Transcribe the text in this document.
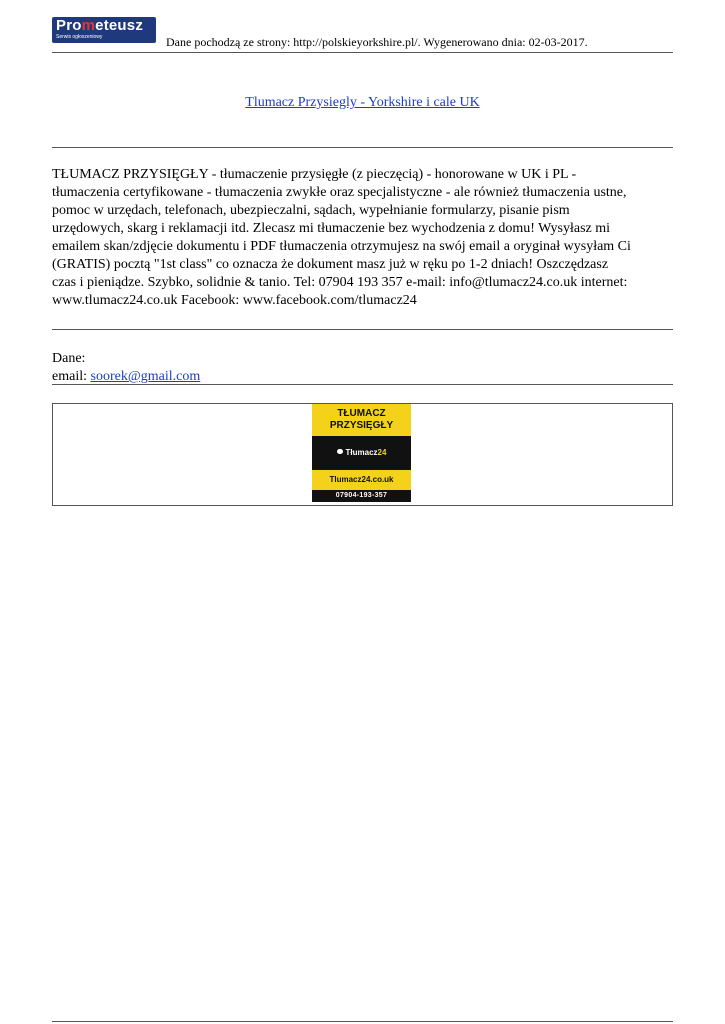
Prometeusz
Serwis ogłoszeniowy	Dane pochodzą ze strony: http://polskieyorkshire.pl/. Wygenerowano dnia: 02-03-2017.
Tlumacz Przysiegly - Yorkshire i cale UK
TŁUMACZ PRZYSIĘGŁY - tłumaczenie przysięgłe (z pieczęcią) - honorowane w UK i PL -
tłumaczenia certyfikowane - tłumaczenia zwykłe oraz specjalistyczne - ale również tłumaczenia ustne,
pomoc w urzędach, telefonach, ubezpieczalni, sądach, wypełnianie formularzy, pisanie pism
urzędowych, skarg i reklamacji itd. Zlecasz mi tłumaczenie bez wychodzenia z domu! Wysyłasz mi
emailem skan/zdjęcie dokumentu i PDF tłumaczenia otrzymujesz na swój email a oryginał wysyłam Ci
(GRATIS) pocztą "1st class" co oznacza że dokument masz już w ręku po 1-2 dniach! Oszczędzasz
czas i pieniądze. Szybko, solidnie & tanio. Tel: 07904 193 357 e-mail: info@tlumacz24.co.uk internet:
www.tlumacz24.co.uk Facebook: www.facebook.com/tlumacz24
Dane:
email: soorek@gmail.com
TŁUMACZ
PRZYSIĘGŁY
Tłumacz24
Tlumacz24.co.uk
07904-193-357
